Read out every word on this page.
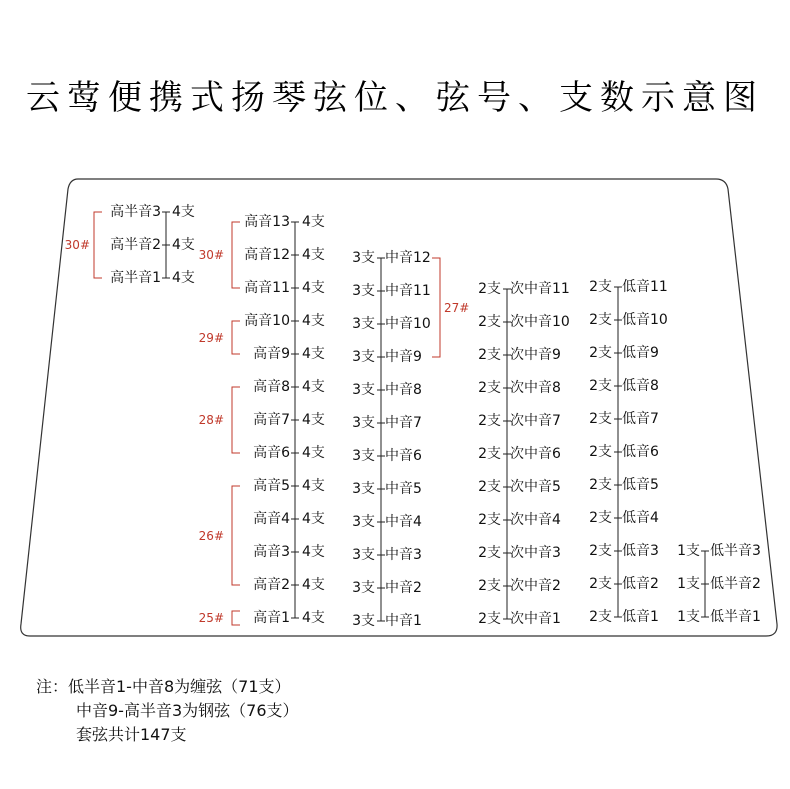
云莺便携式扬琴弦位、弦号、支数示意图
高半音3 4支
高半音2 4支
高半音1 4支
30#
高音13 4支
高音12 4支
高音11 4支
高音10 4支
高音9 4支
高音8 4支
高音7 4支
高音6 4支
高音5 4支
高音4 4支
高音3 4支
高音2 4支
高音1 4支
30#
29#
28#
26#
25#
3支 中音12
3支 中音11
3支 中音10
3支 中音9
3支 中音8
3支 中音7
3支 中音6
3支 中音5
3支 中音4
3支 中音3
3支 中音2
3支 中音1
27#
2支 次中音11
2支 次中音10
2支 次中音9
2支 次中音8
2支 次中音7
2支 次中音6
2支 次中音5
2支 次中音4
2支 次中音3
2支 次中音2
2支 次中音1
2支 低音11
2支 低音10
2支 低音9
2支 低音8
2支 低音7
2支 低音6
2支 低音5
2支 低音4
2支 低音3
2支 低音2
2支 低音1
1支 低半音3
1支 低半音2
1支 低半音1
注：低半音1-中音8为缠弦（71支）
中音9-高半音3为钢弦（76支）
套弦共计147支
